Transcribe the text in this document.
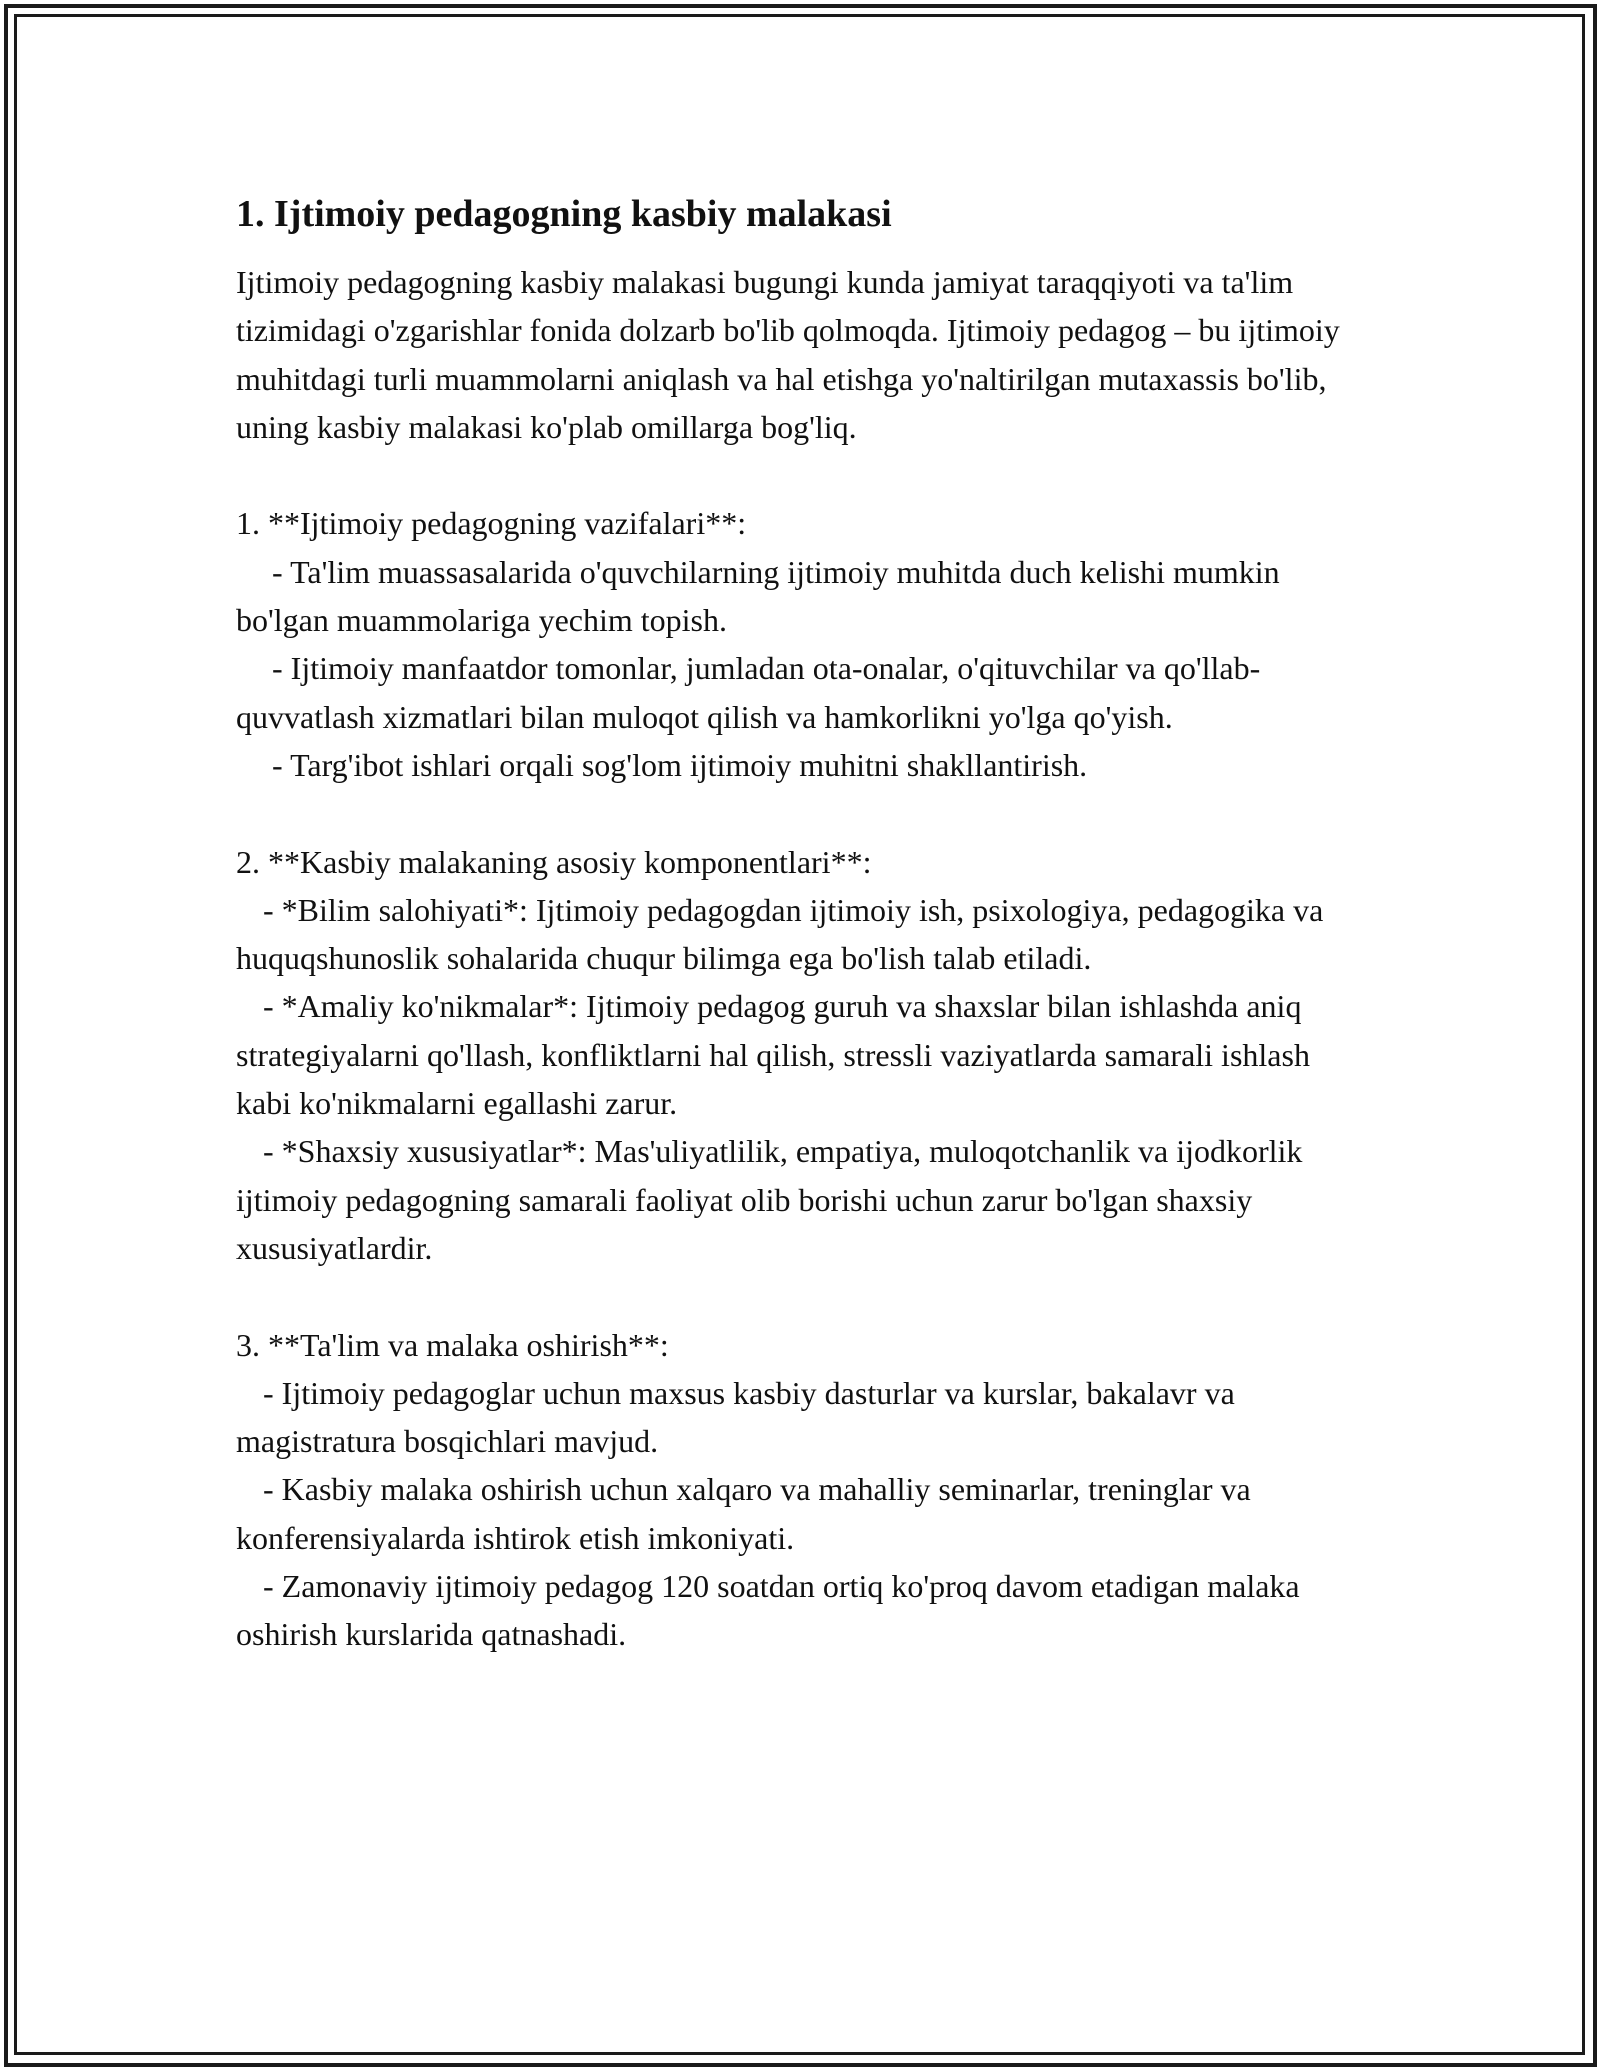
1. Ijtimoiy pedagogning kasbiy malakasi

Ijtimoiy pedagogning kasbiy malakasi bugungi kunda jamiyat taraqqiyoti va ta'lim tizimidagi o'zgarishlar fonida dolzarb bo'lib qolmoqda. Ijtimoiy pedagog – bu ijtimoiy muhitdagi turli muammolarni aniqlash va hal etishga yo'naltirilgan mutaxassis bo'lib, uning kasbiy malakasi ko'plab omillarga bog'liq.

1. **Ijtimoiy pedagogning vazifalari**:

- Ta'lim muassasalarida o'quvchilarning ijtimoiy muhitda duch kelishi mumkin bo'lgan muammolariga yechim topish.

- Ijtimoiy manfaatdor tomonlar, jumladan ota-onalar, o'qituvchilar va qo'llab-quvvatlash xizmatlari bilan muloqot qilish va hamkorlikni yo'lga qo'yish.

- Targ'ibot ishlari orqali sog'lom ijtimoiy muhitni shakllantirish.

2. **Kasbiy malakaning asosiy komponentlari**:

- *Bilim salohiyati*: Ijtimoiy pedagogdan ijtimoiy ish, psixologiya, pedagogika va huquqshunoslik sohalarida chuqur bilimga ega bo'lish talab etiladi.

- *Amaliy ko'nikmalar*: Ijtimoiy pedagog guruh va shaxslar bilan ishlashda aniq strategiyalarni qo'llash, konfliktlarni hal qilish, stressli vaziyatlarda samarali ishlash kabi ko'nikmalarni egallashi zarur.

- *Shaxsiy xususiyatlar*: Mas'uliyatlilik, empatiya, muloqotchanlik va ijodkorlik ijtimoiy pedagogning samarali faoliyat olib borishi uchun zarur bo'lgan shaxsiy xususiyatlardir.

3. **Ta'lim va malaka oshirish**:

- Ijtimoiy pedagoglar uchun maxsus kasbiy dasturlar va kurslar, bakalavr va magistratura bosqichlari mavjud.

- Kasbiy malaka oshirish uchun xalqaro va mahalliy seminarlar, treninglar va konferensiyalarda ishtirok etish imkoniyati.

- Zamonaviy ijtimoiy pedagog 120 soatdan ortiq ko'proq davom etadigan malaka oshirish kurslarida qatnashadi.
